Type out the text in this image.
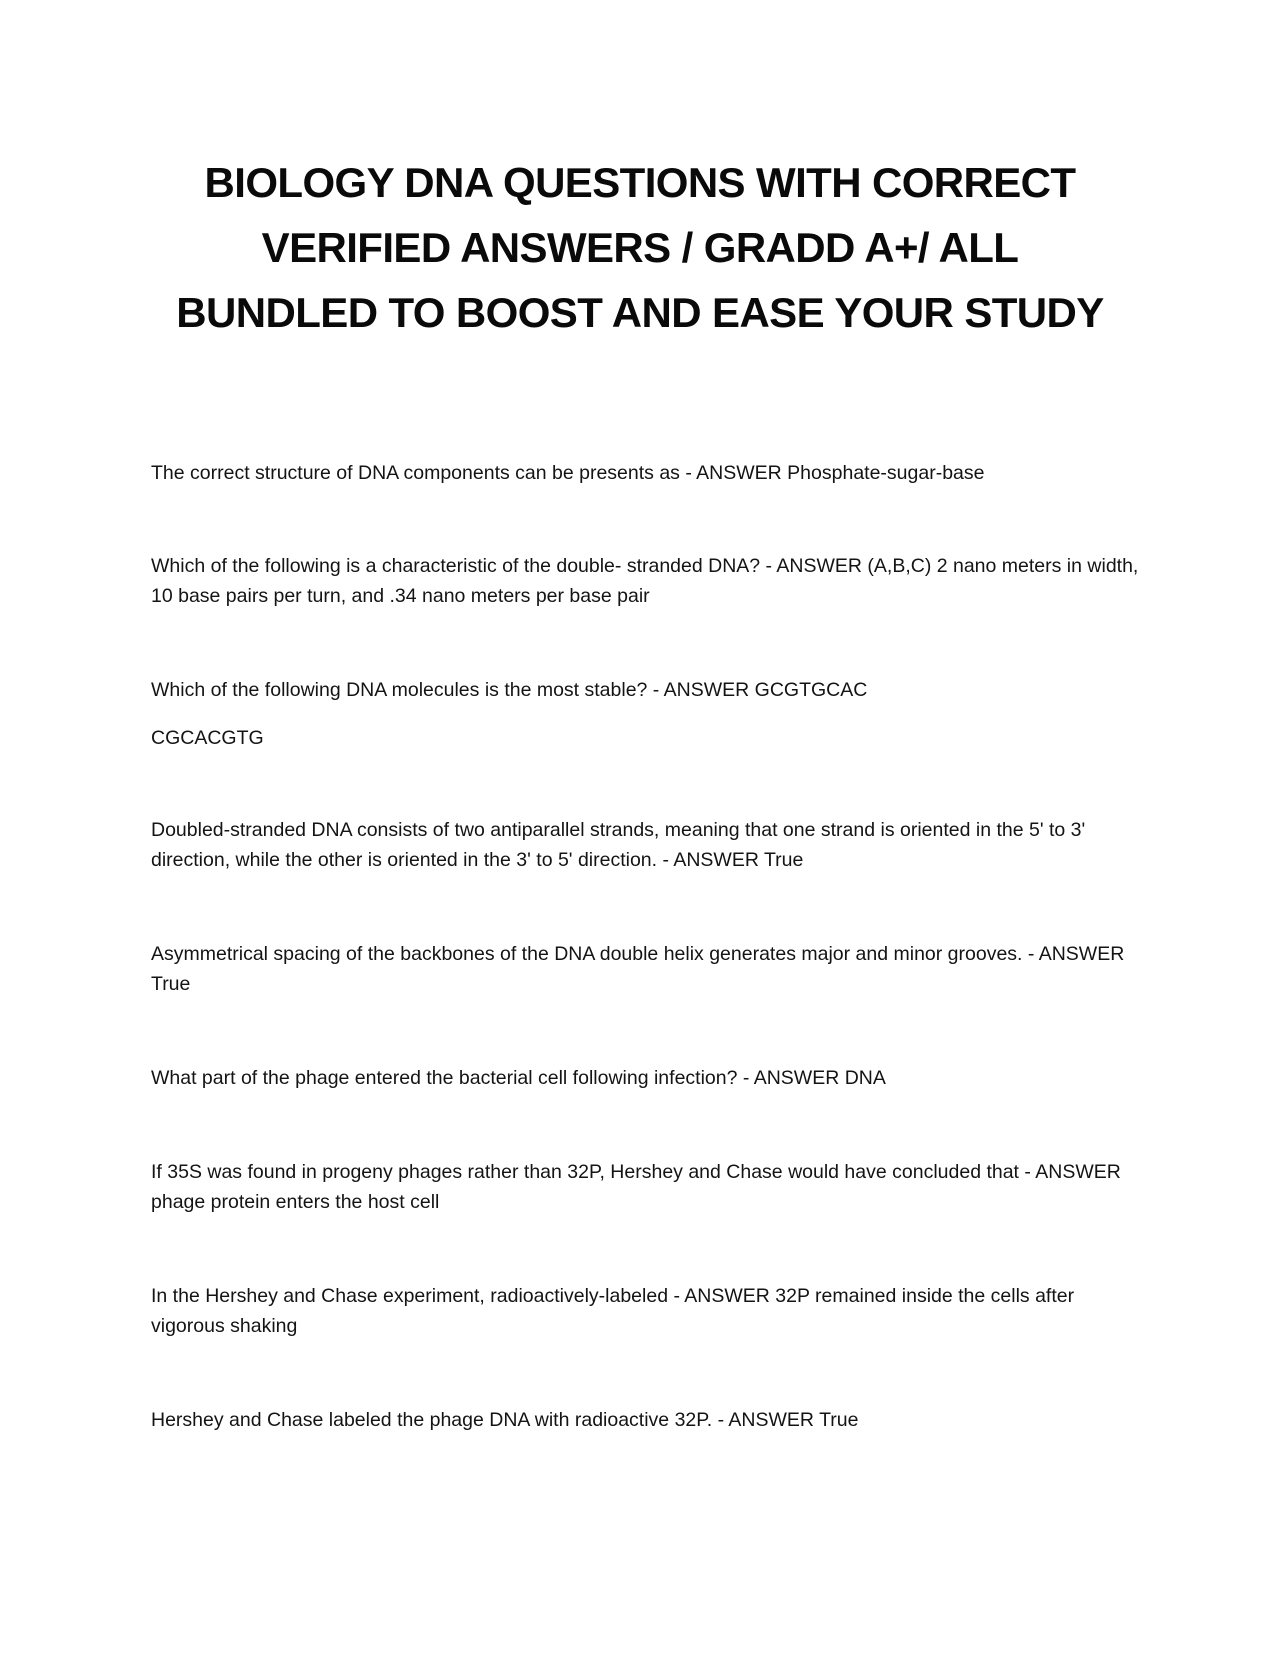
BIOLOGY DNA QUESTIONS WITH CORRECT
VERIFIED ANSWERS / GRADD A+/ ALL
BUNDLED TO BOOST AND EASE YOUR STUDY

The correct structure of DNA components can be presents as - ANSWER Phosphate-sugar-base

Which of the following is a characteristic of the double- stranded DNA? - ANSWER (A,B,C) 2 nano meters in width, 10 base pairs per turn, and .34 nano meters per base pair

Which of the following DNA molecules is the most stable? - ANSWER GCGTGCAC

CGCACGTG

Doubled-stranded DNA consists of two antiparallel strands, meaning that one strand is oriented in the 5' to 3' direction, while the other is oriented in the 3' to 5' direction. - ANSWER True

Asymmetrical spacing of the backbones of the DNA double helix generates major and minor grooves. - ANSWER True

What part of the phage entered the bacterial cell following infection? - ANSWER DNA

If 35S was found in progeny phages rather than 32P, Hershey and Chase would have concluded that - ANSWER phage protein enters the host cell

In the Hershey and Chase experiment, radioactively-labeled - ANSWER 32P remained inside the cells after vigorous shaking

Hershey and Chase labeled the phage DNA with radioactive 32P. - ANSWER True
